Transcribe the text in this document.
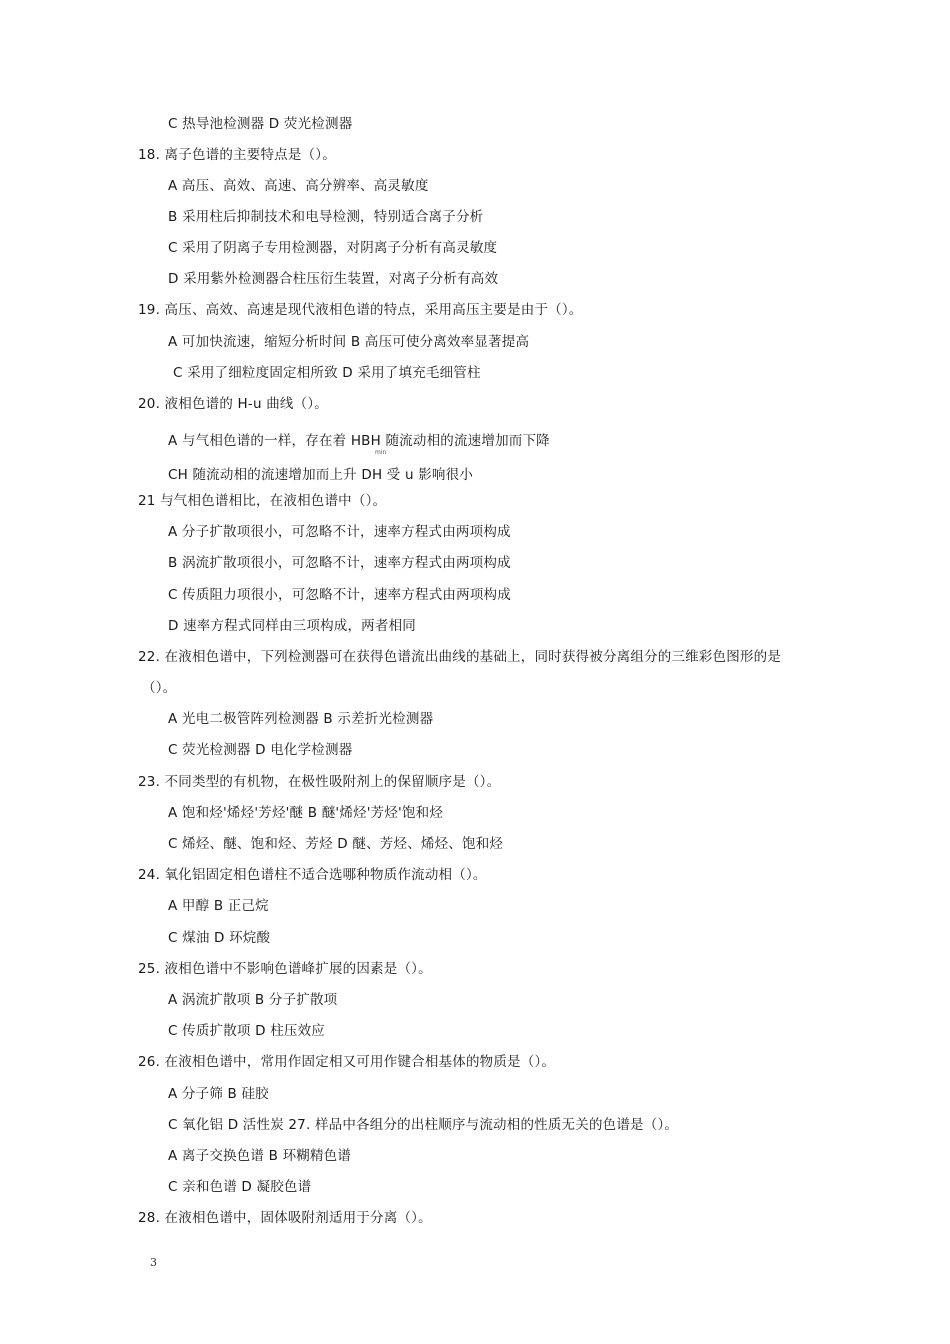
C 热导池检测器 D 荧光检测器
18. 离子色谱的主要特点是（）。
A 高压、高效、高速、高分辨率、高灵敏度
B 采用柱后抑制技术和电导检测，特别适合离子分析
C 采用了阴离子专用检测器，对阴离子分析有高灵敏度
D 采用紫外检测器合柱压衍生装置，对离子分析有高效
19. 高压、高效、高速是现代液相色谱的特点，采用高压主要是由于（）。
A 可加快流速，缩短分析时间 B 高压可使分离效率显著提高
C 采用了细粒度固定相所致 D 采用了填充毛细管柱
20. 液相色谱的 H-u 曲线（）。
A 与气相色谱的一样，存在着 HBH 随流动相的流速增加而下降
min
CH 随流动相的流速增加而上升 DH 受 u 影响很小
21 与气相色谱相比，在液相色谱中（）。
A 分子扩散项很小，可忽略不计，速率方程式由两项构成
B 涡流扩散项很小，可忽略不计，速率方程式由两项构成
C 传质阻力项很小，可忽略不计，速率方程式由两项构成
D 速率方程式同样由三项构成，两者相同
22. 在液相色谱中，下列检测器可在获得色谱流出曲线的基础上，同时获得被分离组分的三维彩色图形的是
（）。
A 光电二极管阵列检测器 B 示差折光检测器
C 荧光检测器 D 电化学检测器
23. 不同类型的有机物，在极性吸附剂上的保留顺序是（）。
A 饱和烃'烯烃'芳烃'醚 B 醚'烯烃'芳烃'饱和烃
C 烯烃、醚、饱和烃、芳烃 D 醚、芳烃、烯烃、饱和烃
24. 氧化铝固定相色谱柱不适合选哪种物质作流动相（）。
A 甲醇 B 正己烷
C 煤油 D 环烷酸
25. 液相色谱中不影响色谱峰扩展的因素是（）。
A 涡流扩散项 B 分子扩散项
C 传质扩散项 D 柱压效应
26. 在液相色谱中，常用作固定相又可用作键合相基体的物质是（）。
A 分子筛 B 硅胶
C 氧化铝 D 活性炭 27. 样品中各组分的出柱顺序与流动相的性质无关的色谱是（）。
A 离子交换色谱 B 环糊精色谱
C 亲和色谱 D 凝胶色谱
28. 在液相色谱中，固体吸附剂适用于分离（）。
3
